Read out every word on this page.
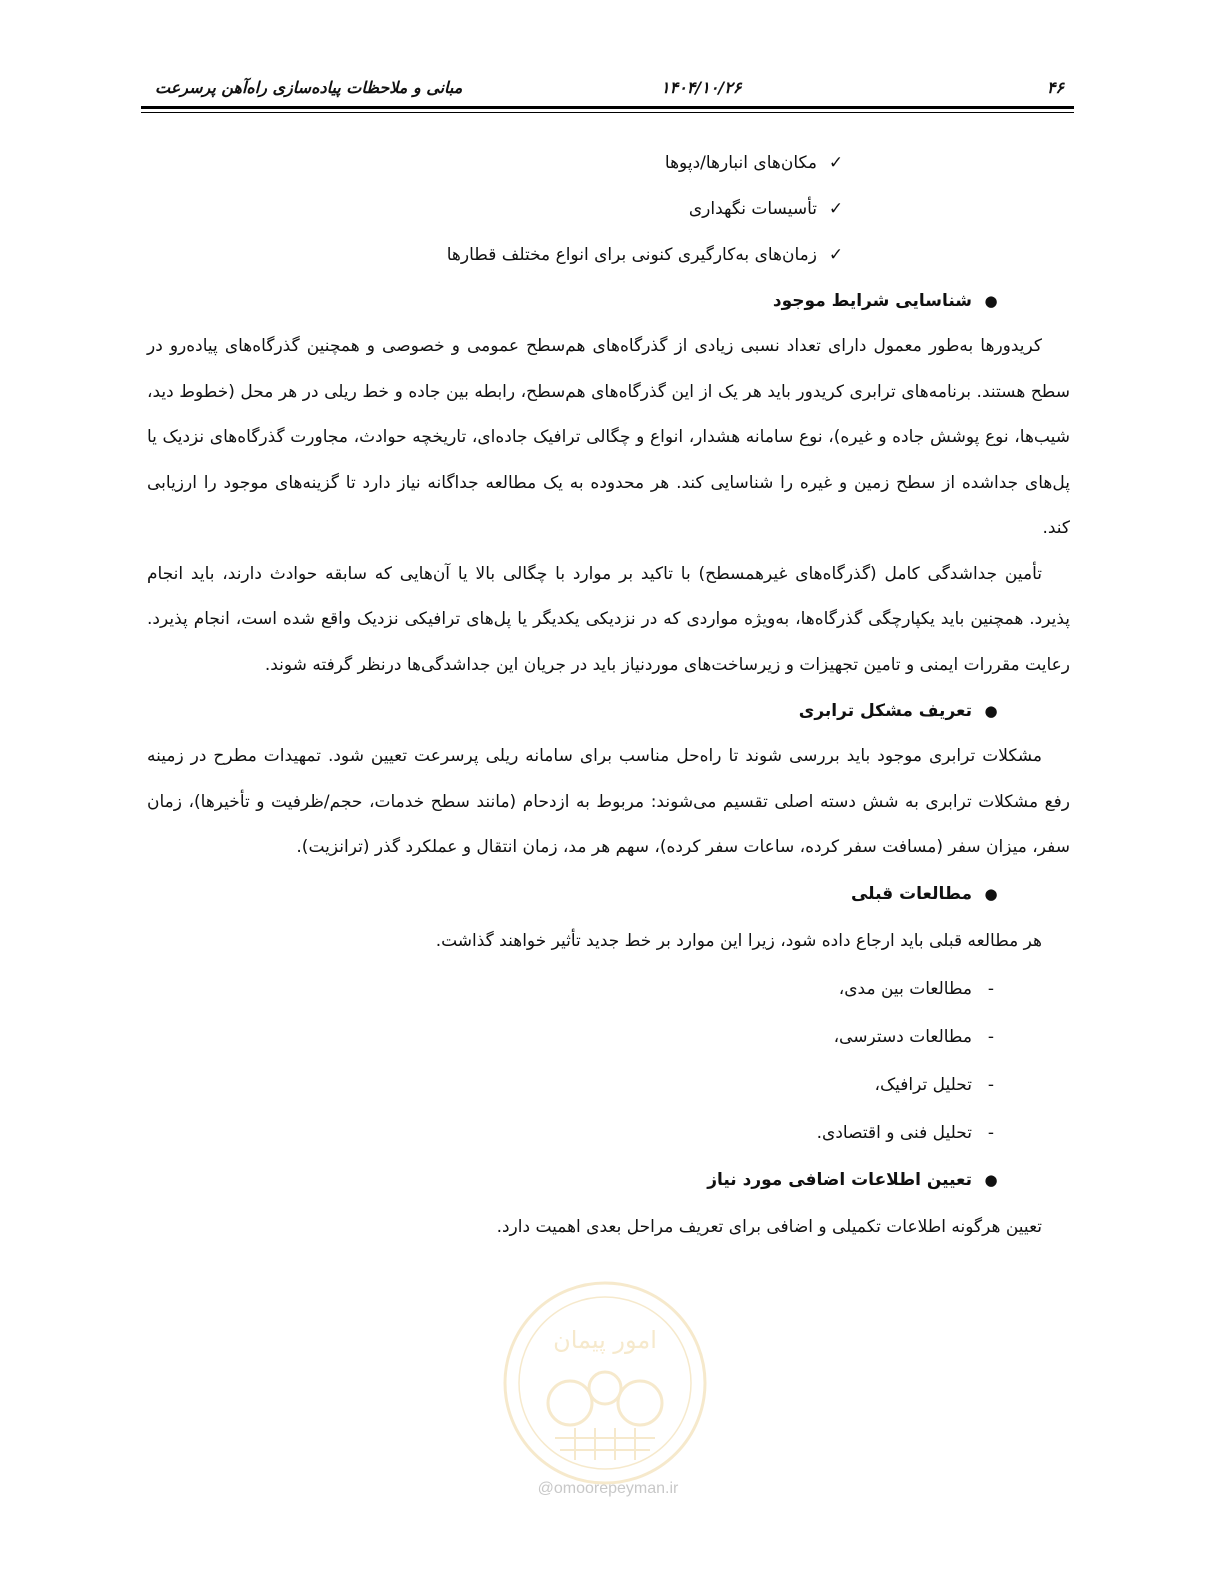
۴۶
۱۴۰۴/۱۰/۲۶
مبانی و ملاحظات پیاده‌سازی راه‌آهن پرسرعت
✓مکان‌های انبارها/دپوها
✓تأسیسات نگهداری
✓زمان‌های به‌کارگیری کنونی برای انواع مختلف قطارها
●شناسایی شرایط موجود

کریدورها به‌طور معمول دارای تعداد نسبی زیادی از گذرگاه‌های هم‌سطح عمومی و خصوصی و همچنین گذرگاه‌های پیاده‌رو در سطح هستند. برنامه‌های ترابری کریدور باید هر یک از این گذرگاه‌های هم‌سطح، رابطه بین جاده و خط ریلی در هر محل (خطوط دید، شیب‌ها، نوع پوشش جاده و غیره)، نوع سامانه هشدار، انواع و چگالی ترافیک جاده‌ای، تاریخچه حوادث، مجاورت گذرگاه‌های نزدیک یا پل‌های جداشده از سطح زمین و غیره را شناسایی کند. هر محدوده به یک مطالعه جداگانه نیاز دارد تا گزینه‌های موجود را ارزیابی کند.

تأمین جداشدگی کامل (گذرگاه‌های غیرهمسطح) با تاکید بر موارد با چگالی بالا یا آن‌هایی که سابقه حوادث دارند، باید انجام پذیرد. همچنین باید یکپارچگی گذرگاه‌ها، به‌ویژه مواردی که در نزدیکی یکدیگر یا پل‌های ترافیکی نزدیک واقع شده است، انجام پذیرد. رعایت مقررات ایمنی و تامین تجهیزات و زیرساخت‌های موردنیاز باید در جریان این جداشدگی‌ها درنظر گرفته شوند.

●تعریف مشکل ترابری

مشکلات ترابری موجود باید بررسی شوند تا راه‌حل مناسب برای سامانه ریلی پرسرعت تعیین شود. تمهیدات مطرح در زمینه رفع مشکلات ترابری به شش دسته اصلی تقسیم می‌شوند: مربوط به ازدحام (مانند سطح خدمات، حجم/ظرفیت و تأخیرها)، زمان سفر، میزان سفر (مسافت سفر کرده، ساعات سفر کرده)، سهم هر مد، زمان انتقال و عملکرد گذر (ترانزیت).

●مطالعات قبلی

هر مطالعه قبلی باید ارجاع داده شود، زیرا این موارد بر خط جدید تأثیر خواهند گذاشت.

-مطالعات بین مدی،
-مطالعات دسترسی،
-تحلیل ترافیک،
-تحلیل فنی و اقتصادی.
●تعیین اطلاعات اضافی مورد نیاز

تعیین هرگونه اطلاعات تکمیلی و اضافی برای تعریف مراحل بعدی اهمیت دارد.

امور پیمان
@omoorepeyman.ir
